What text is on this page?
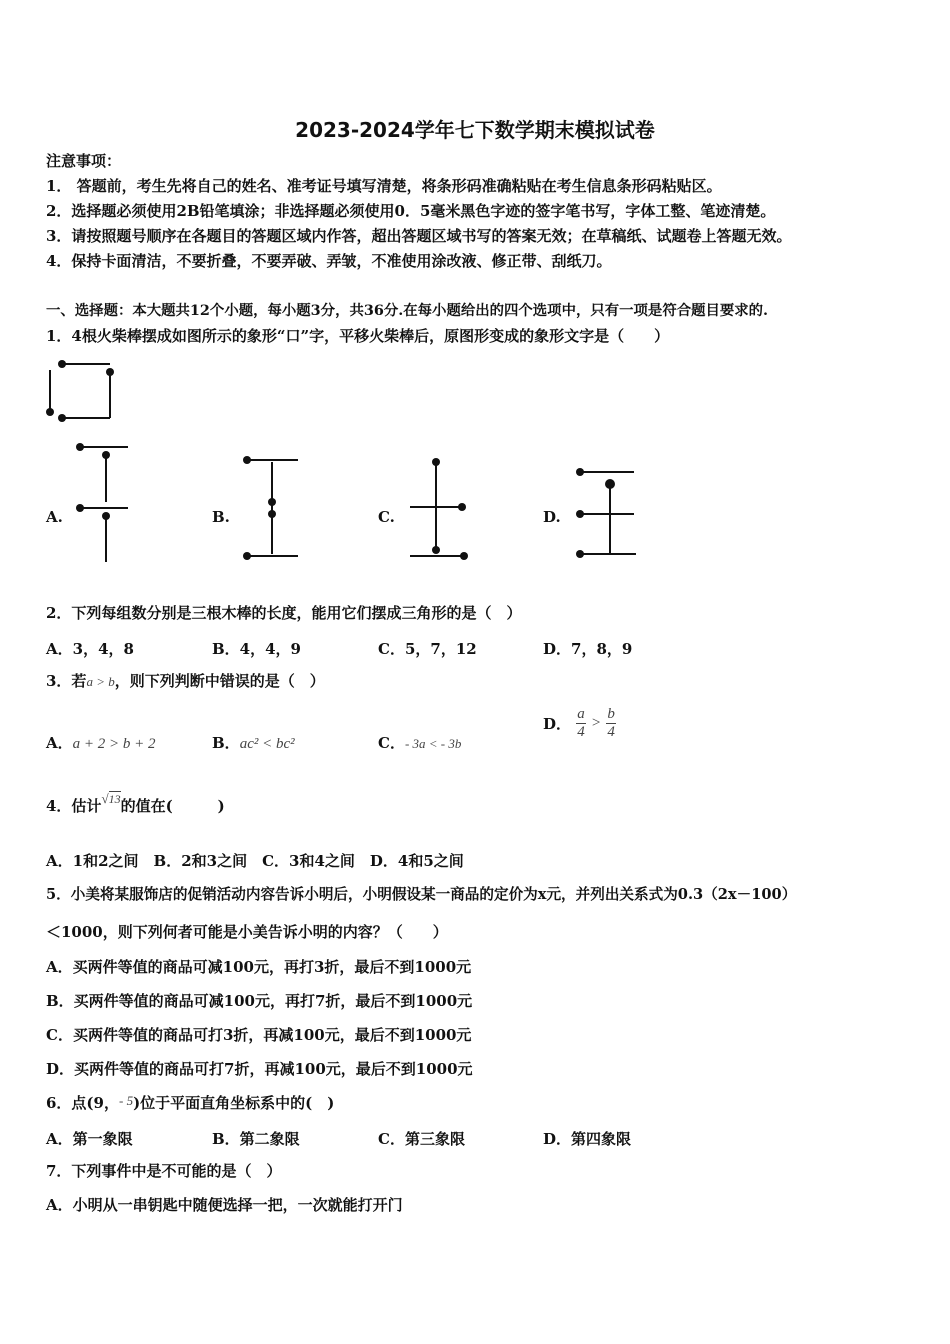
2023-2024学年七下数学期末模拟试卷
注意事项：
1． 答题前，考生先将自己的姓名、准考证号填写清楚，将条形码准确粘贴在考生信息条形码粘贴区。
2．选择题必须使用2B铅笔填涂；非选择题必须使用0．5毫米黑色字迹的签字笔书写，字体工整、笔迹清楚。
3．请按照题号顺序在各题目的答题区域内作答，超出答题区域书写的答案无效；在草稿纸、试题卷上答题无效。
4．保持卡面清洁，不要折叠，不要弄破、弄皱，不准使用涂改液、修正带、刮纸刀。
一、选择题：本大题共12个小题，每小题3分，共36分.在每小题给出的四个选项中，只有一项是符合题目要求的.
1．4根火柴棒摆成如图所示的象形“口”字，平移火柴棒后，原图形变成的象形文字是（　　）
A.	B.	C.	D.
2．下列每组数分别是三根木棒的长度，能用它们摆成三角形的是（　）
A．3，4，8	B．4，4，9	C．5，7，12	D．7，8，9
3．若a > b，则下列判断中错误的是（　）
A．a + 2 > b + 2	B．ac² < bc²	C．- 3a < - 3b
D． $\frac{a}{4} > \frac{b}{4}$
4．估计√13的值在(　　　)
A．1和2之间　B．2和3之间　C．3和4之间　D．4和5之间
5．小美将某服饰店的促销活动内容告诉小明后，小明假设某一商品的定价为x元，并列出关系式为0.3（2x－100）
＜1000，则下列何者可能是小美告诉小明的内容？（　　）
A．买两件等值的商品可减100元，再打3折，最后不到1000元
B．买两件等值的商品可减100元，再打7折，最后不到1000元
C．买两件等值的商品可打3折，再减100元，最后不到1000元
D．买两件等值的商品可打7折，再减100元，最后不到1000元
6．点(9，- 5)位于平面直角坐标系中的(　)
A．第一象限	B．第二象限	C．第三象限	D．第四象限
7．下列事件中是不可能的是（　）
A．小明从一串钥匙中随便选择一把，一次就能打开门
